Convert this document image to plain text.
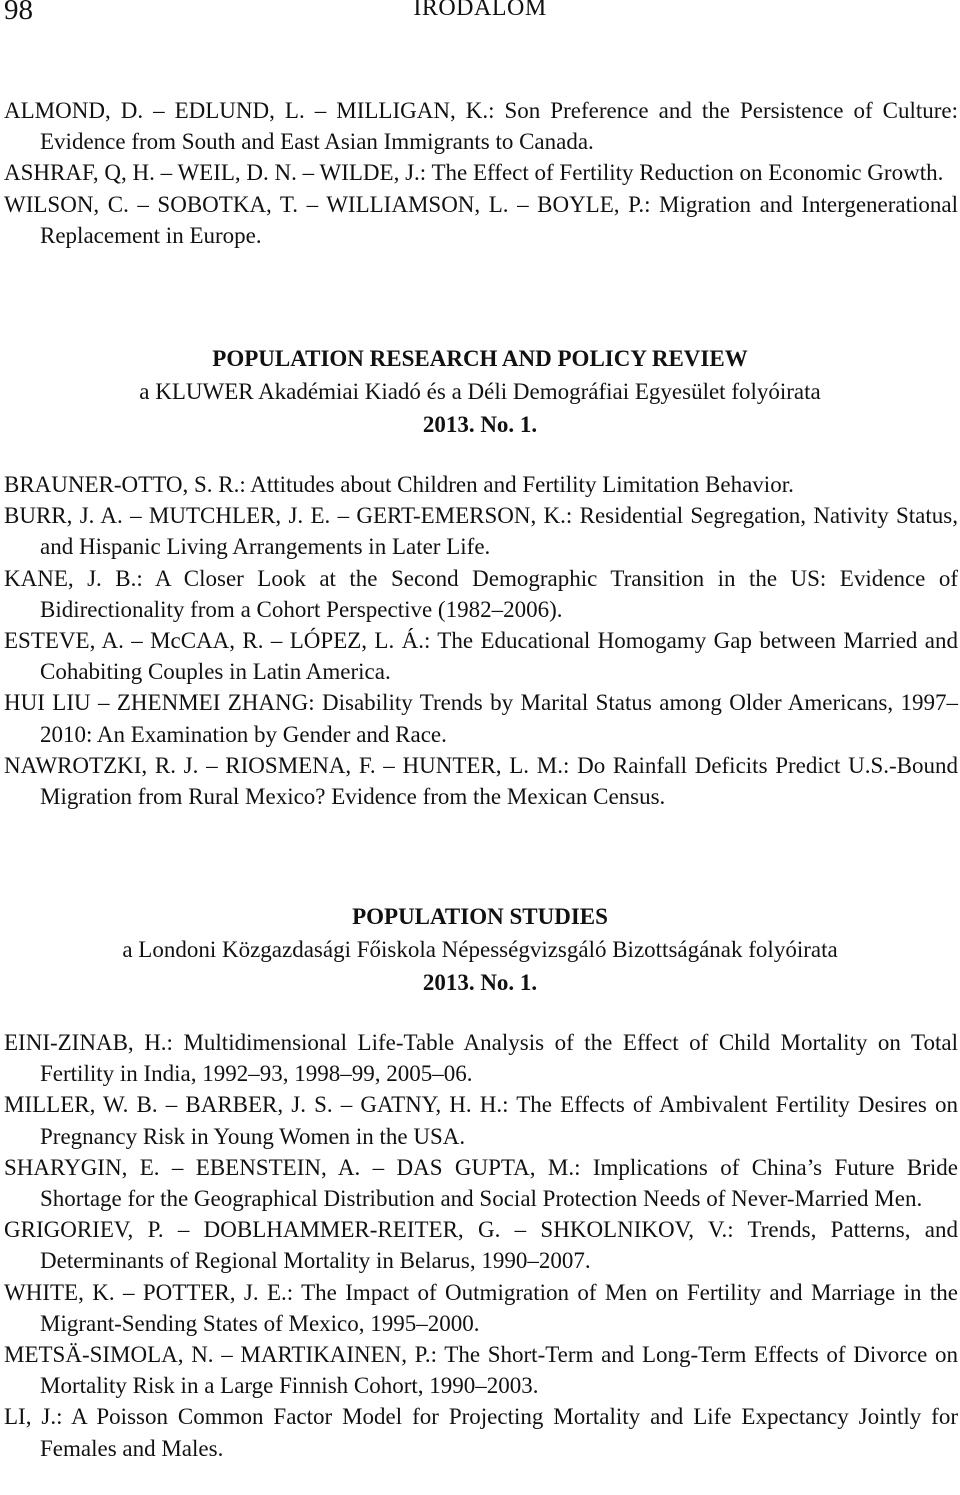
98	IRODALOM

ALMOND, D. – EDLUND, L. – MILLIGAN, K.: Son Preference and the Persistence of Culture: Evidence from South and East Asian Immigrants to Canada.

ASHRAF, Q, H. – WEIL, D. N. – WILDE, J.: The Effect of Fertility Reduction on Economic Growth.

WILSON, C. – SOBOTKA, T. – WILLIAMSON, L. – BOYLE, P.: Migration and Intergenerational Replacement in Europe.

POPULATION RESEARCH AND POLICY REVIEW
a KLUWER Akadémiai Kiadó és a Déli Demográfiai Egyesület folyóirata
2013. No. 1.

BRAUNER-OTTO, S. R.: Attitudes about Children and Fertility Limitation Behavior.

BURR, J. A. – MUTCHLER, J. E. – GERT-EMERSON, K.: Residential Segregation, Nativity Status, and Hispanic Living Arrangements in Later Life.

KANE, J. B.: A Closer Look at the Second Demographic Transition in the US: Evidence of Bidirectionality from a Cohort Perspective (1982–2006).

ESTEVE, A. – McCAA, R. – LÓPEZ, L. Á.: The Educational Homogamy Gap between Married and Cohabiting Couples in Latin America.

HUI LIU – ZHENMEI ZHANG: Disability Trends by Marital Status among Older Americans, 1997–2010: An Examination by Gender and Race.

NAWROTZKI, R. J. – RIOSMENA, F. – HUNTER, L. M.: Do Rainfall Deficits Predict U.S.-Bound Migration from Rural Mexico? Evidence from the Mexican Census.

POPULATION STUDIES
a Londoni Közgazdasági Főiskola Népességvizsgáló Bizottságának folyóirata
2013. No. 1.

EINI-ZINAB, H.: Multidimensional Life-Table Analysis of the Effect of Child Mortality on Total Fertility in India, 1992–93, 1998–99, 2005–06.

MILLER, W. B. – BARBER, J. S. – GATNY, H. H.: The Effects of Ambivalent Fertility Desires on Pregnancy Risk in Young Women in the USA.

SHARYGIN, E. – EBENSTEIN, A. – DAS GUPTA, M.: Implications of China’s Future Bride Shortage for the Geographical Distribution and Social Protection Needs of Never-Married Men.

GRIGORIEV, P. – DOBLHAMMER-REITER, G. – SHKOLNIKOV, V.: Trends, Patterns, and Determinants of Regional Mortality in Belarus, 1990–2007.

WHITE, K. – POTTER, J. E.: The Impact of Outmigration of Men on Fertility and Marriage in the Migrant-Sending States of Mexico, 1995–2000.

METSÄ-SIMOLA, N. – MARTIKAINEN, P.: The Short-Term and Long-Term Effects of Divorce on Mortality Risk in a Large Finnish Cohort, 1990–2003.

LI, J.: A Poisson Common Factor Model for Projecting Mortality and Life Expectancy Jointly for Females and Males.
